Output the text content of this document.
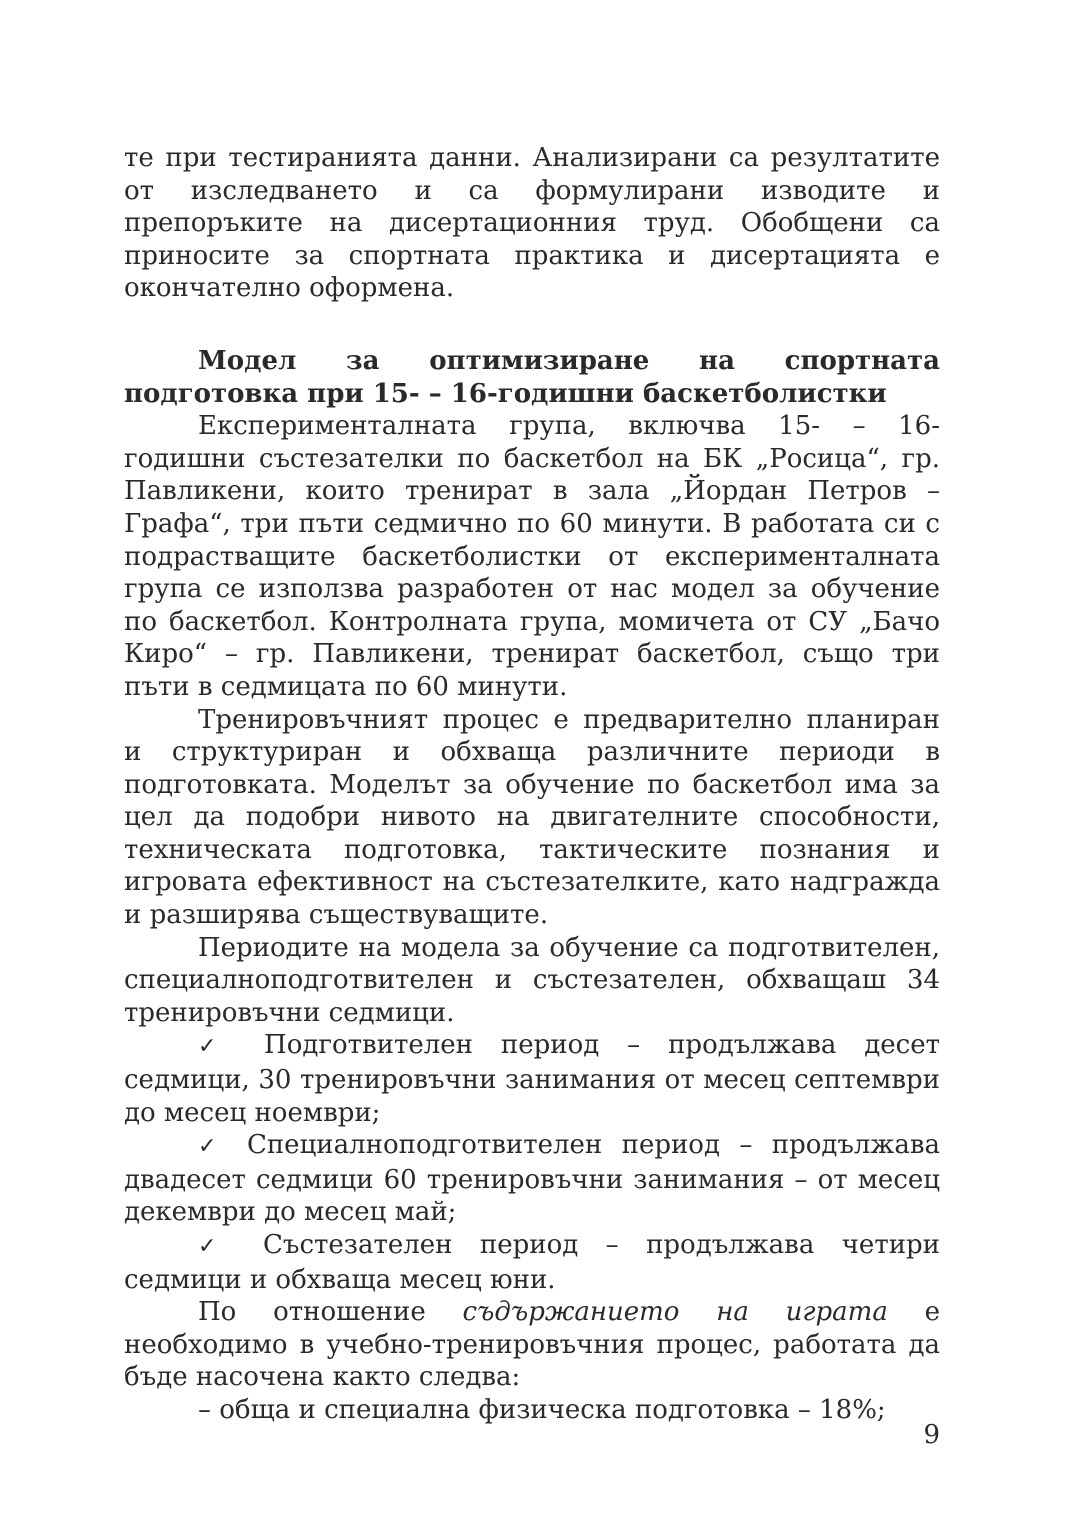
те при тестиранията данни. Анализирани са резултатите от изследването и са формулирани изводите и препоръките на дисертационния труд. Обобщени са приносите за спортната практика и дисертацията е окончателно оформена.

Модел за оптимизиране на спортната подготовка при 15- – 16-годишни баскетболистки

Експерименталната група, включва 15- – 16-годишни състезателки по баскетбол на БК „Росица“, гр. Павликени, които тренират в зала „Йордан Петров – Графа“, три пъти седмично по 60 минути. В работата си с подрастващите баскетболистки от експерименталната група се използва разработен от нас модел за обучение по баскетбол. Контролната група, момичета от СУ „Бачо Киро“ – гр. Павликени, тренират баскетбол, също три пъти в седмицата по 60 минути.

Тренировъчният процес е предварително планиран и структуриран и обхваща различните периоди в подготовката. Моделът за обучение по баскетбол има за цел да подобри нивото на двигателните способности, техническата подготовка, тактическите познания и игровата ефективност на състезателките, като надгражда и разширява съществуващите.

Периодите на модела за обучение са подготвителен, специалноподготвителен и състезателен, обхващаш 34 тренировъчни седмици.

✓ Подготвителен период – продължава десет седмици, 30 тренировъчни занимания от месец септември до месец ноември;

✓ Специалноподготвителен период – продължава двадесет седмици 60 тренировъчни занимания – от месец декември до месец май;

✓ Състезателен период – продължава четири седмици и обхваща месец юни.

По отношение съдържанието на играта е необходимо в учебно-тренировъчния процес, работата да бъде насочена както следва:

– обща и специална физическа подготовка – 18%;

9
